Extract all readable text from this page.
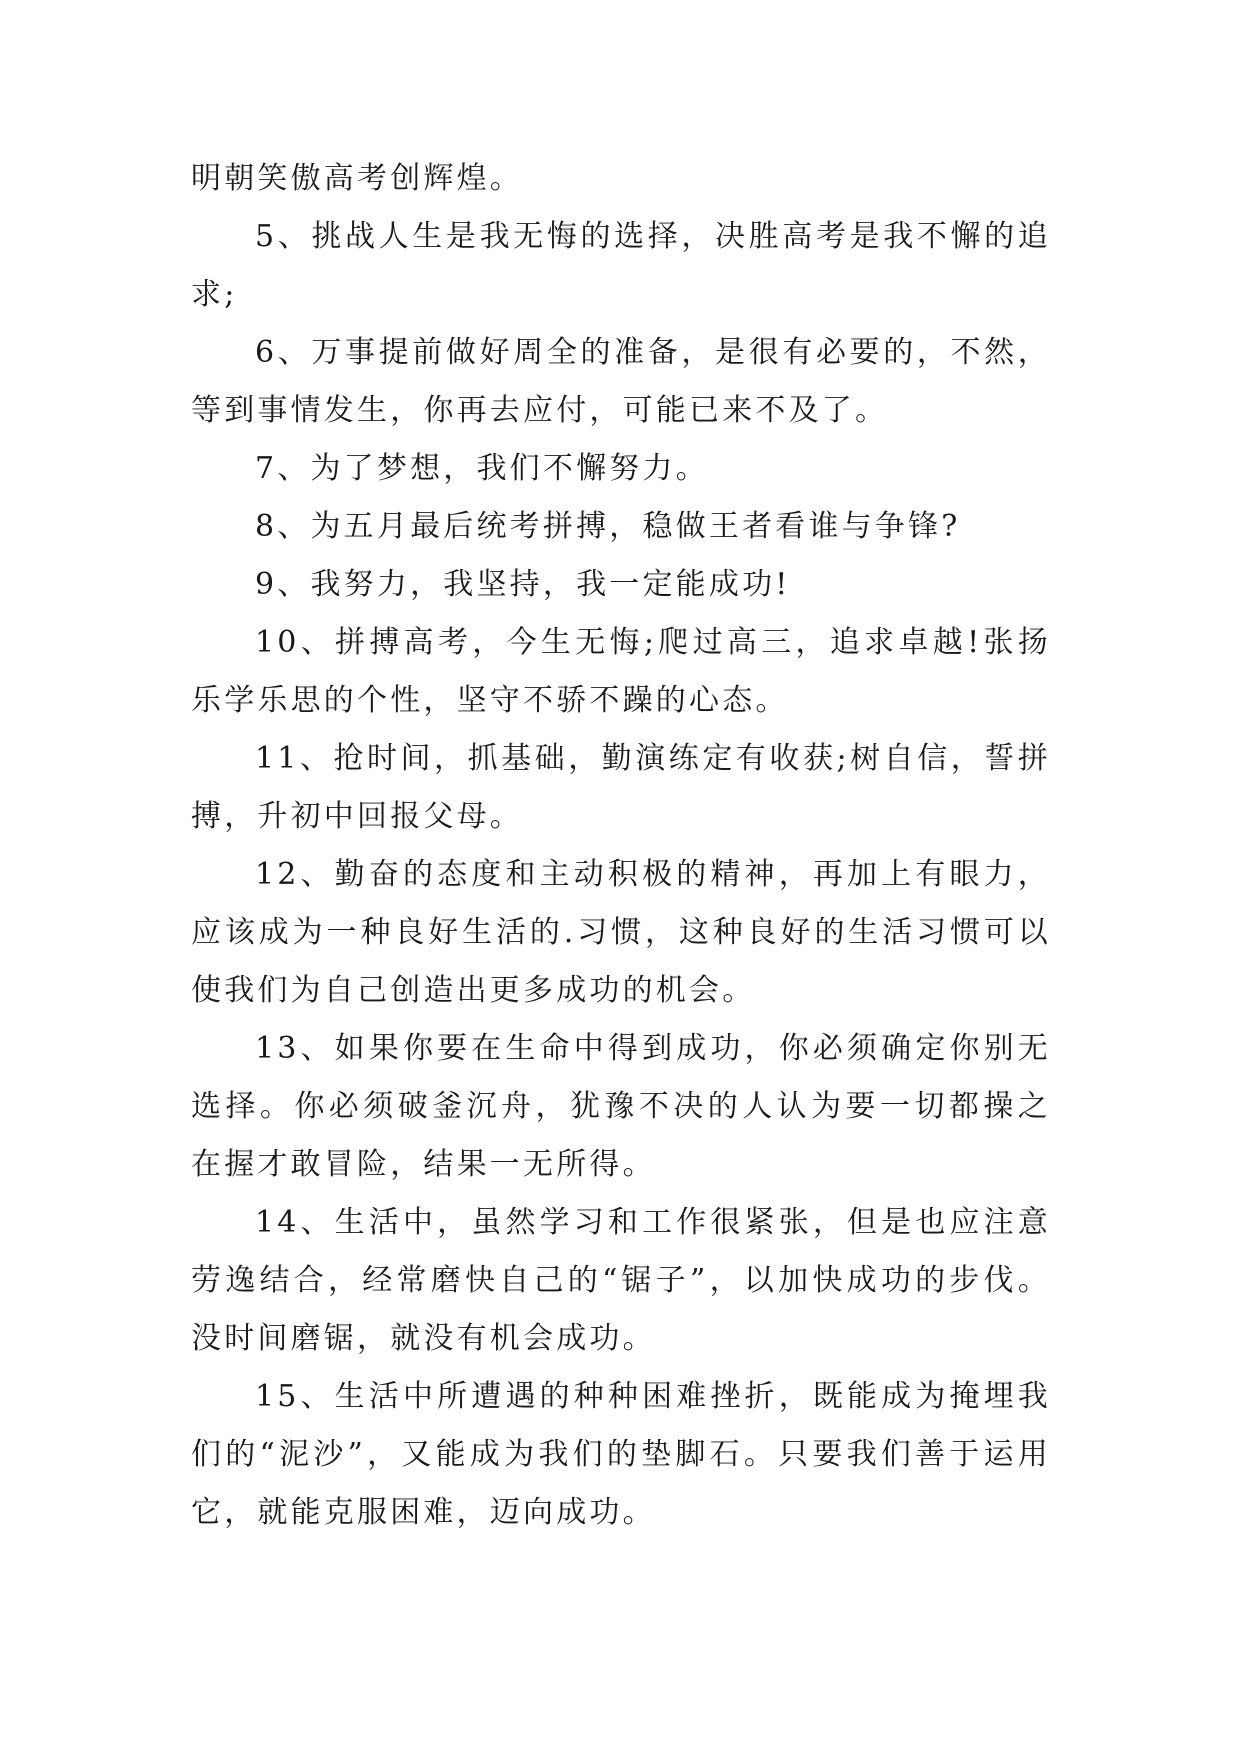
明朝笑傲高考创辉煌。

5、挑战人生是我无悔的选择，决胜高考是我不懈的追求;

6、万事提前做好周全的准备，是很有必要的，不然，等到事情发生，你再去应付，可能已来不及了。

7、为了梦想，我们不懈努力。

8、为五月最后统考拼搏，稳做王者看谁与争锋?

9、我努力，我坚持，我一定能成功!

10、拼搏高考，今生无悔;爬过高三，追求卓越!张扬乐学乐思的个性，坚守不骄不躁的心态。

11、抢时间，抓基础，勤演练定有收获;树自信，誓拼搏，升初中回报父母。

12、勤奋的态度和主动积极的精神，再加上有眼力，应该成为一种良好生活的.习惯，这种良好的生活习惯可以使我们为自己创造出更多成功的机会。

13、如果你要在生命中得到成功，你必须确定你别无选择。你必须破釜沉舟，犹豫不决的人认为要一切都操之在握才敢冒险，结果一无所得。

14、生活中，虽然学习和工作很紧张，但是也应注意劳逸结合，经常磨快自己的“锯子”，以加快成功的步伐。没时间磨锯，就没有机会成功。

15、生活中所遭遇的种种困难挫折，既能成为掩埋我们的“泥沙”，又能成为我们的垫脚石。只要我们善于运用它，就能克服困难，迈向成功。
